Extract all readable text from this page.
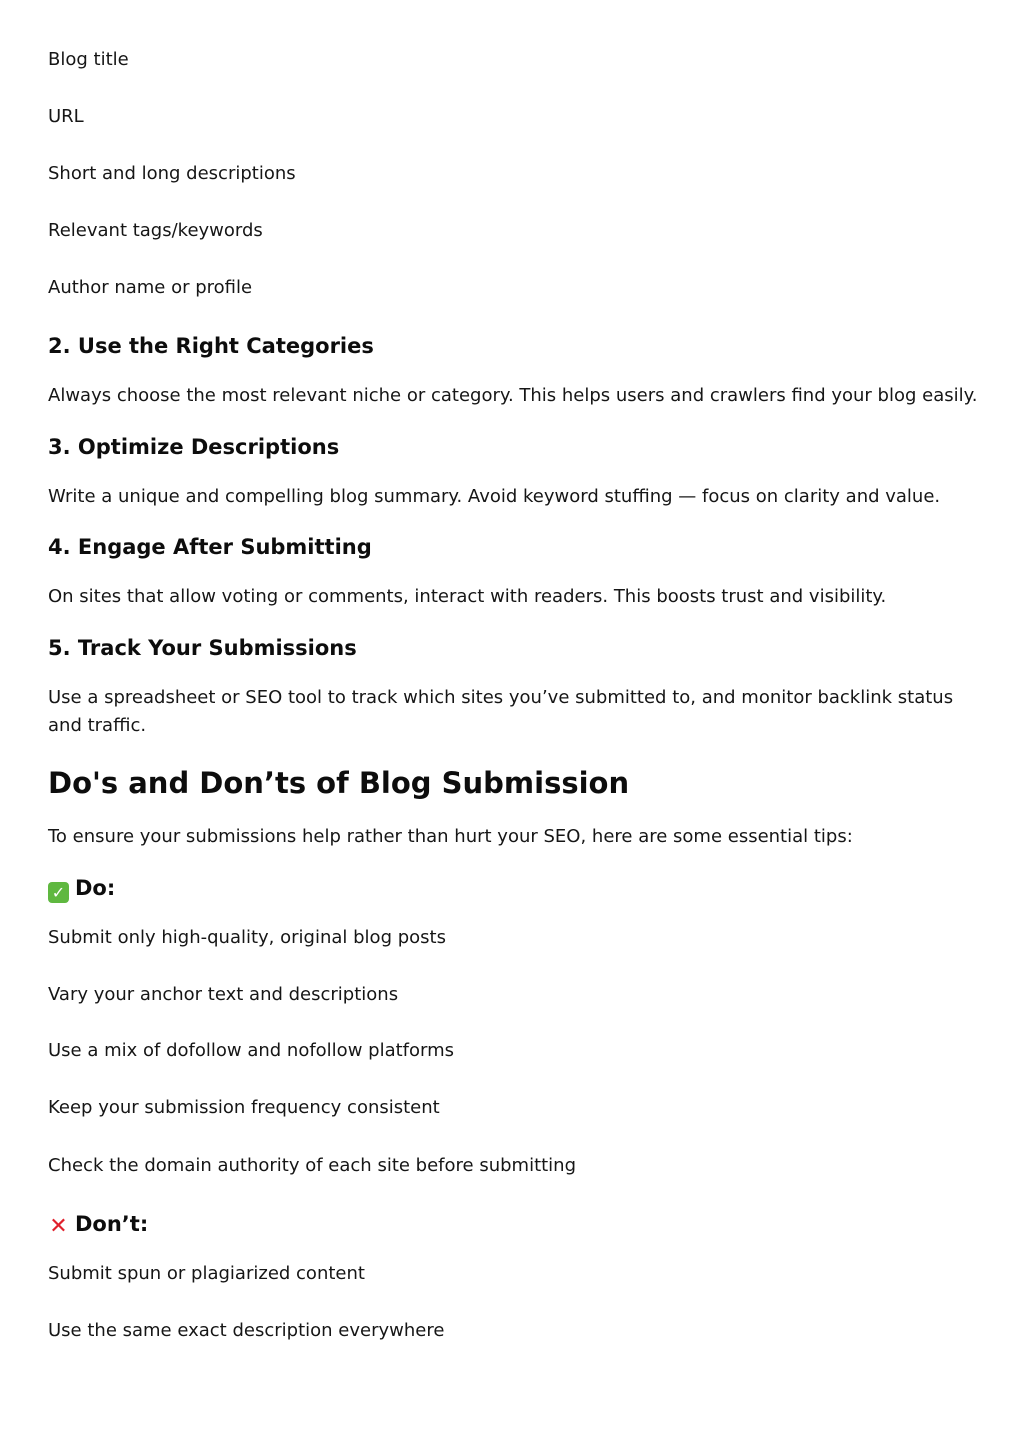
Blog title

URL

Short and long descriptions

Relevant tags/keywords

Author name or profile

2. Use the Right Categories

Always choose the most relevant niche or category. This helps users and crawlers find your blog easily.

3. Optimize Descriptions

Write a unique and compelling blog summary. Avoid keyword stuffing — focus on clarity and value.

4. Engage After Submitting

On sites that allow voting or comments, interact with readers. This boosts trust and visibility.

5. Track Your Submissions

Use a spreadsheet or SEO tool to track which sites you’ve submitted to, and monitor backlink status and traffic.

Do's and Don’ts of Blog Submission

To ensure your submissions help rather than hurt your SEO, here are some essential tips:

✓ Do:

Submit only high-quality, original blog posts

Vary your anchor text and descriptions

Use a mix of dofollow and nofollow platforms

Keep your submission frequency consistent

Check the domain authority of each site before submitting

✕ Don’t:

Submit spun or plagiarized content

Use the same exact description everywhere
